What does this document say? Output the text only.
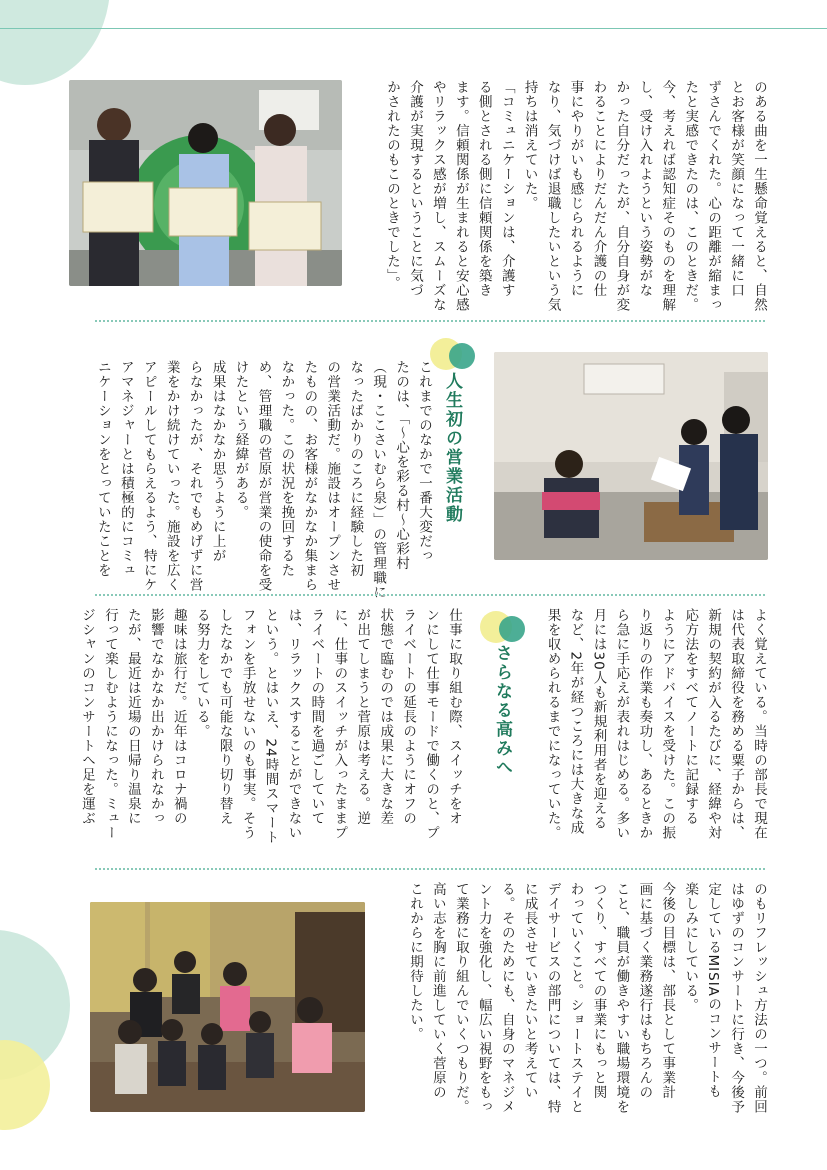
のある曲を一生懸命覚えると、自然

とお客様が笑顔になって一緒に口

ずさんでくれた。心の距離が縮まっ

たと実感できたのは、このときだ。

今、考えれば認知症そのものを理解

し、受け入れようという姿勢がな

かった自分だったが、自分自身が変

わることによりだんだん介護の仕

事にやりがいも感じられるように

なり、気づけば退職したいという気

持ちは消えていた。

「コミュニケーションは、介護す

る側とされる側に信頼関係を築き

ます。信頼関係が生まれると安心感

やリラックス感が増し、スムーズな

介護が実現するということに気づ

かされたのもこのときでした」。

人生初の営業活動

これまでのなかで一番大変だっ

たのは、「〜心を彩る村〜心彩村

（現・ここさいむら泉）」の管理職に

なったばかりのころに経験した初

の営業活動だ。施設はオープンさせ

たものの、お客様がなかなか集まら

なかった。この状況を挽回するた

め、管理職の菅原が営業の使命を受

けたという経緯がある。

成果はなかなか思うように上が

らなかったが、それでもめげずに営

業をかけ続けていった。施設を広く

アピールしてもらえるよう、特にケ

アマネジャーとは積極的にコミュ

ニケーションをとっていたことを

よく覚えている。当時の部長で現在

は代表取締役を務める粟子からは、

新規の契約が入るたびに、経緯や対

応方法をすべてノートに記録する

ようにアドバイスを受けた。この振

り返りの作業も奏功し、あるときか

ら急に手応えが表れはじめる。多い

月には30人も新規利用者を迎える

など、2年が経つころには大きな成

果を収められるまでになっていた。

さらなる高みへ

仕事に取り組む際、スイッチをオ

ンにして仕事モードで働くのと、プ

ライベートの延長のようにオフの

状態で臨むのでは成果に大きな差

が出てしまうと菅原は考える。逆

に、仕事のスイッチが入ったままプ

ライベートの時間を過ごしていて

は、リラックスすることができない

という。とはいえ、24時間スマート

フォンを手放せないのも事実。そう

したなかでも可能な限り切り替え

る努力をしている。

趣味は旅行だ。近年はコロナ禍の

影響でなかなか出かけられなかっ

たが、最近は近場の日帰り温泉に

行って楽しむようになった。ミュー

ジシャンのコンサートへ足を運ぶ

のもリフレッシュ方法の一つ。前回

はゆずのコンサートに行き、今後予

定しているMISIAのコンサートも

楽しみにしている。

今後の目標は、部長として事業計

画に基づく業務遂行はもちろんの

こと、職員が働きやすい職場環境を

つくり、すべての事業にもっと関

わっていくこと。ショートステイと

デイサービスの部門については、特

に成長させていきたいと考えてい

る。そのためにも、自身のマネジメ

ント力を強化し、幅広い視野をもっ

て業務に取り組んでいくつもりだ。

高い志を胸に前進していく菅原の

これからに期待したい。
